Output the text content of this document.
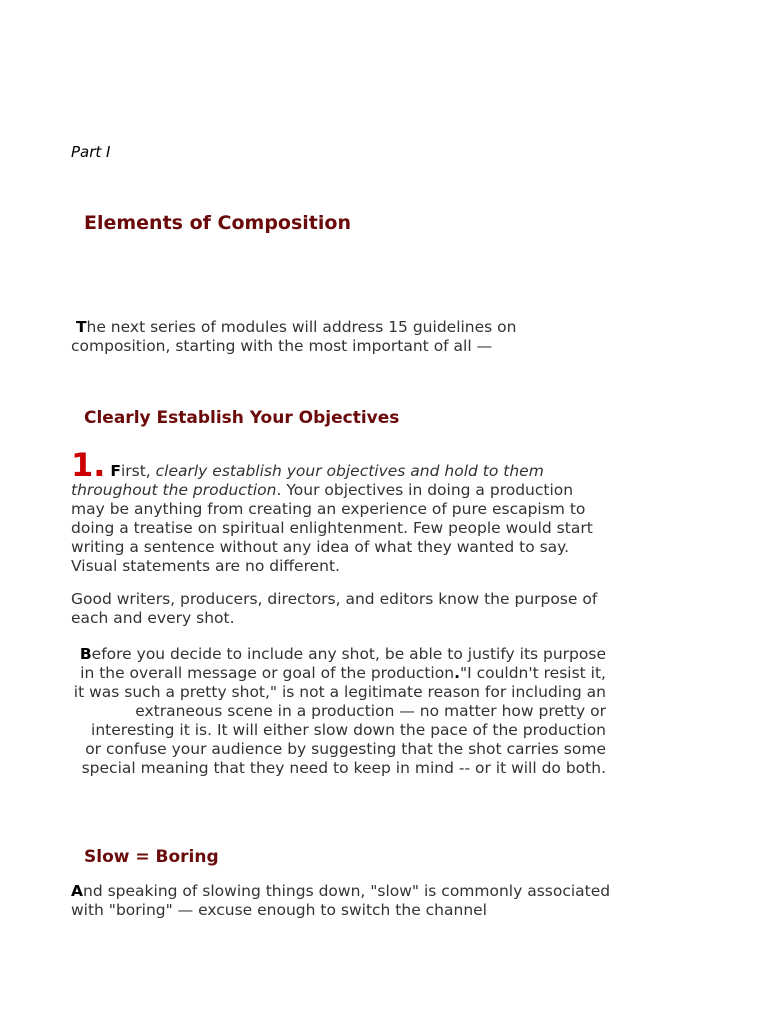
Part I

Elements of Composition

The next series of modules will address 15 guidelines on composition, starting with the most important of all —

Clearly Establish Your Objectives

1. First, clearly establish your objectives and hold to them throughout the production. Your objectives in doing a production may be anything from creating an experience of pure escapism to doing a treatise on spiritual enlightenment. Few people would start writing a sentence without any idea of what they wanted to say. Visual statements are no different.

Good writers, producers, directors, and editors know the purpose of each and every shot.

Before you decide to include any shot, be able to justify its purpose in the overall message or goal of the production."I couldn't resist it, it was such a pretty shot," is not a legitimate reason for including an extraneous scene in a production — no matter how pretty or interesting it is. It will either slow down the pace of the production or confuse your audience by suggesting that the shot carries some special meaning that they need to keep in mind -- or it will do both.

Slow = Boring

And speaking of slowing things down, "slow" is commonly associated with "boring" — excuse enough to switch the channel
